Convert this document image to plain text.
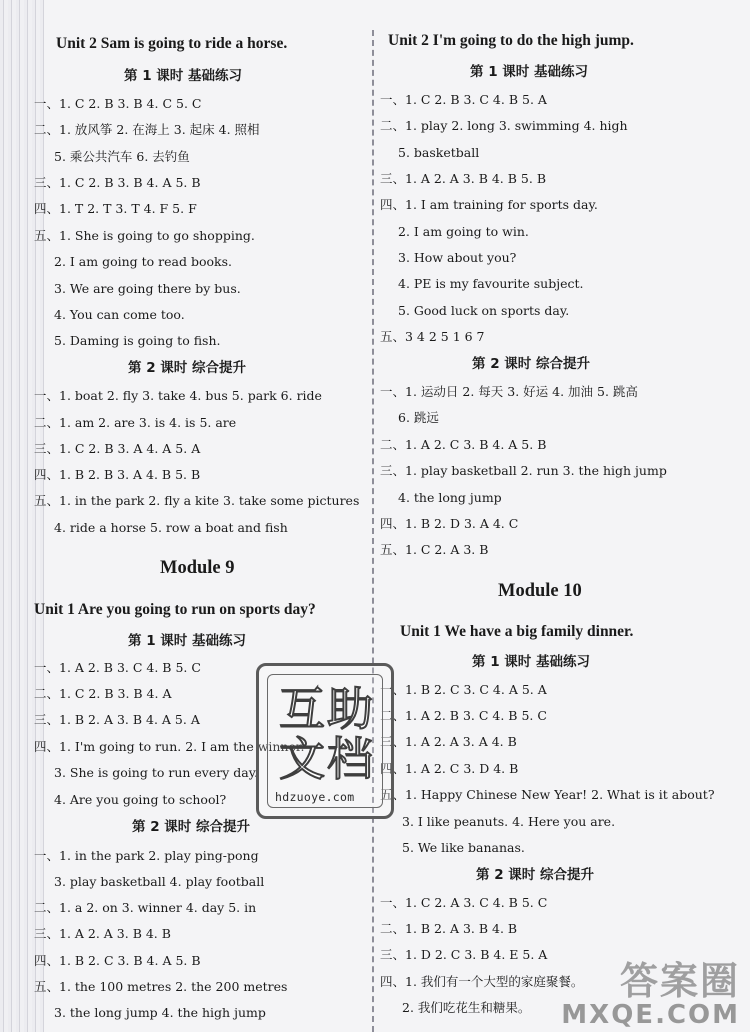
Unit 2 Sam is going to ride a horse.
第 1 课时 基础练习
一、1. C 2. B 3. B 4. C 5. C
二、1. 放风筝 2. 在海上 3. 起床 4. 照相
5. 乘公共汽车 6. 去钓鱼
三、1. C 2. B 3. B 4. A 5. B
四、1. T 2. T 3. T 4. F 5. F
五、1. She is going to go shopping.
2. I am going to read books.
3. We are going there by bus.
4. You can come too.
5. Daming is going to fish.
第 2 课时 综合提升
一、1. boat 2. fly 3. take 4. bus 5. park 6. ride
二、1. am 2. are 3. is 4. is 5. are
三、1. C 2. B 3. A 4. A 5. A
四、1. B 2. B 3. A 4. B 5. B
五、1. in the park 2. fly a kite 3. take some pictures
4. ride a horse 5. row a boat and fish
Module 9
Unit 1 Are you going to run on sports day?
第 1 课时 基础练习
一、1. A 2. B 3. C 4. B 5. C
二、1. C 2. B 3. B 4. A
三、1. B 2. A 3. B 4. A 5. A
四、1. I'm going to run. 2. I am the winner.
3. She is going to run every day.
4. Are you going to school?
第 2 课时 综合提升
一、1. in the park 2. play ping-pong
3. play basketball 4. play football
二、1. a 2. on 3. winner 4. day 5. in
三、1. A 2. A 3. B 4. B
四、1. B 2. C 3. B 4. A 5. B
五、1. the 100 metres 2. the 200 metres
3. the long jump 4. the high jump
Unit 2 I'm going to do the high jump.
第 1 课时 基础练习
一、1. C 2. B 3. C 4. B 5. A
二、1. play 2. long 3. swimming 4. high
5. basketball
三、1. A 2. A 3. B 4. B 5. B
四、1. I am training for sports day.
2. I am going to win.
3. How about you?
4. PE is my favourite subject.
5. Good luck on sports day.
五、3 4 2 5 1 6 7
第 2 课时 综合提升
一、1. 运动日 2. 每天 3. 好运 4. 加油 5. 跳高
6. 跳远
二、1. A 2. C 3. B 4. A 5. B
三、1. play basketball 2. run 3. the high jump
4. the long jump
四、1. B 2. D 3. A 4. C
五、1. C 2. A 3. B
Module 10
Unit 1 We have a big family dinner.
第 1 课时 基础练习
一、1. B 2. C 3. C 4. A 5. A
二、1. A 2. B 3. C 4. B 5. C
三、1. A 2. A 3. A 4. B
四、1. A 2. C 3. D 4. B
五、1. Happy Chinese New Year! 2. What is it about?
3. I like peanuts. 4. Here you are.
5. We like bananas.
第 2 课时 综合提升
一、1. C 2. A 3. C 4. B 5. C
二、1. B 2. A 3. B 4. B
三、1. D 2. C 3. B 4. E 5. A
四、1. 我们有一个大型的家庭聚餐。
2. 我们吃花生和糖果。
互 助
文 档
hdzuoye.com
答案圈
MXQE.COM
